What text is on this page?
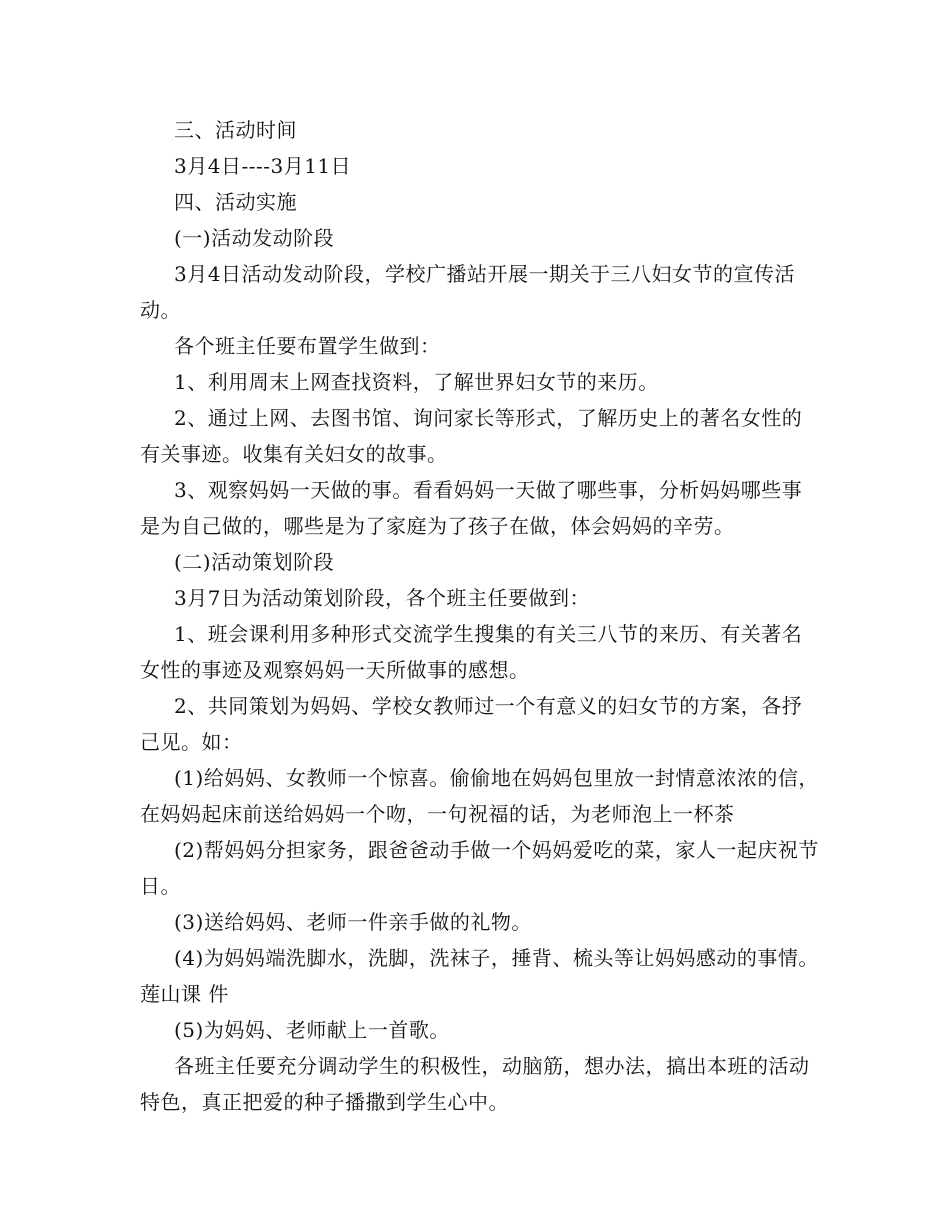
三、活动时间

3月4日----3月11日

四、活动实施

(一)活动发动阶段

3月4日活动发动阶段，学校广播站开展一期关于三八妇女节的宣传活动。

各个班主任要布置学生做到：

1、利用周末上网查找资料，了解世界妇女节的来历。

2、通过上网、去图书馆、询问家长等形式，了解历史上的著名女性的有关事迹。收集有关妇女的故事。

3、观察妈妈一天做的事。看看妈妈一天做了哪些事，分析妈妈哪些事是为自己做的，哪些是为了家庭为了孩子在做，体会妈妈的辛劳。

(二)活动策划阶段

3月7日为活动策划阶段，各个班主任要做到：

1、班会课利用多种形式交流学生搜集的有关三八节的来历、有关著名女性的事迹及观察妈妈一天所做事的感想。

2、共同策划为妈妈、学校女教师过一个有意义的妇女节的方案，各抒己见。如：

(1)给妈妈、女教师一个惊喜。偷偷地在妈妈包里放一封情意浓浓的信，在妈妈起床前送给妈妈一个吻，一句祝福的话，为老师泡上一杯茶

(2)帮妈妈分担家务，跟爸爸动手做一个妈妈爱吃的菜，家人一起庆祝节日。

(3)送给妈妈、老师一件亲手做的礼物。

(4)为妈妈端洗脚水，洗脚，洗袜子，捶背、梳头等让妈妈感动的事情。莲山课 件

(5)为妈妈、老师献上一首歌。

各班主任要充分调动学生的积极性，动脑筋，想办法，搞出本班的活动特色，真正把爱的种子播撒到学生心中。
